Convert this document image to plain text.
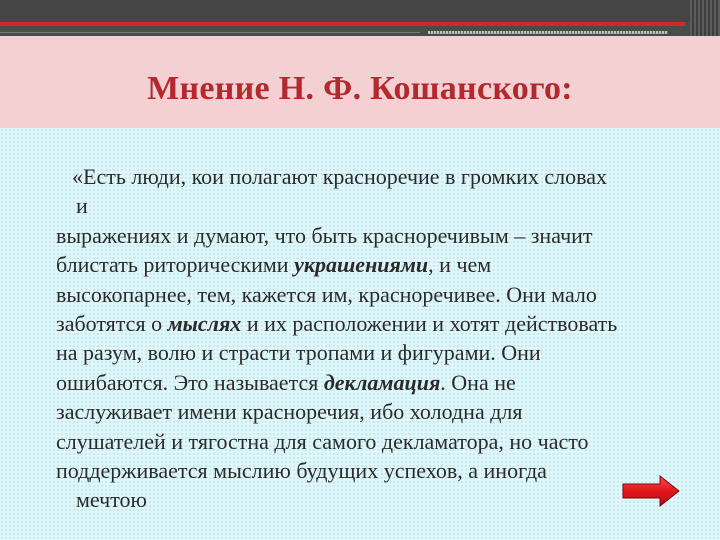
Мнение Н. Ф. Кошанского:
«Есть люди, кои полагают красноречие в громких словах
и
выражениях и думают, что быть красноречивым – значит
блистать риторическими украшениями, и чем
высокопарнее, тем, кажется им, красноречивее. Они мало
заботятся о мыслях и их расположении и хотят действовать
на разум, волю и страсти тропами и фигурами. Они
ошибаются. Это называется декламация. Она не
заслуживает имени красноречия, ибо холодна для
слушателей и тягостна для самого декламатора, но часто
поддерживается мыслию будущих успехов, а иногда
мечтою
